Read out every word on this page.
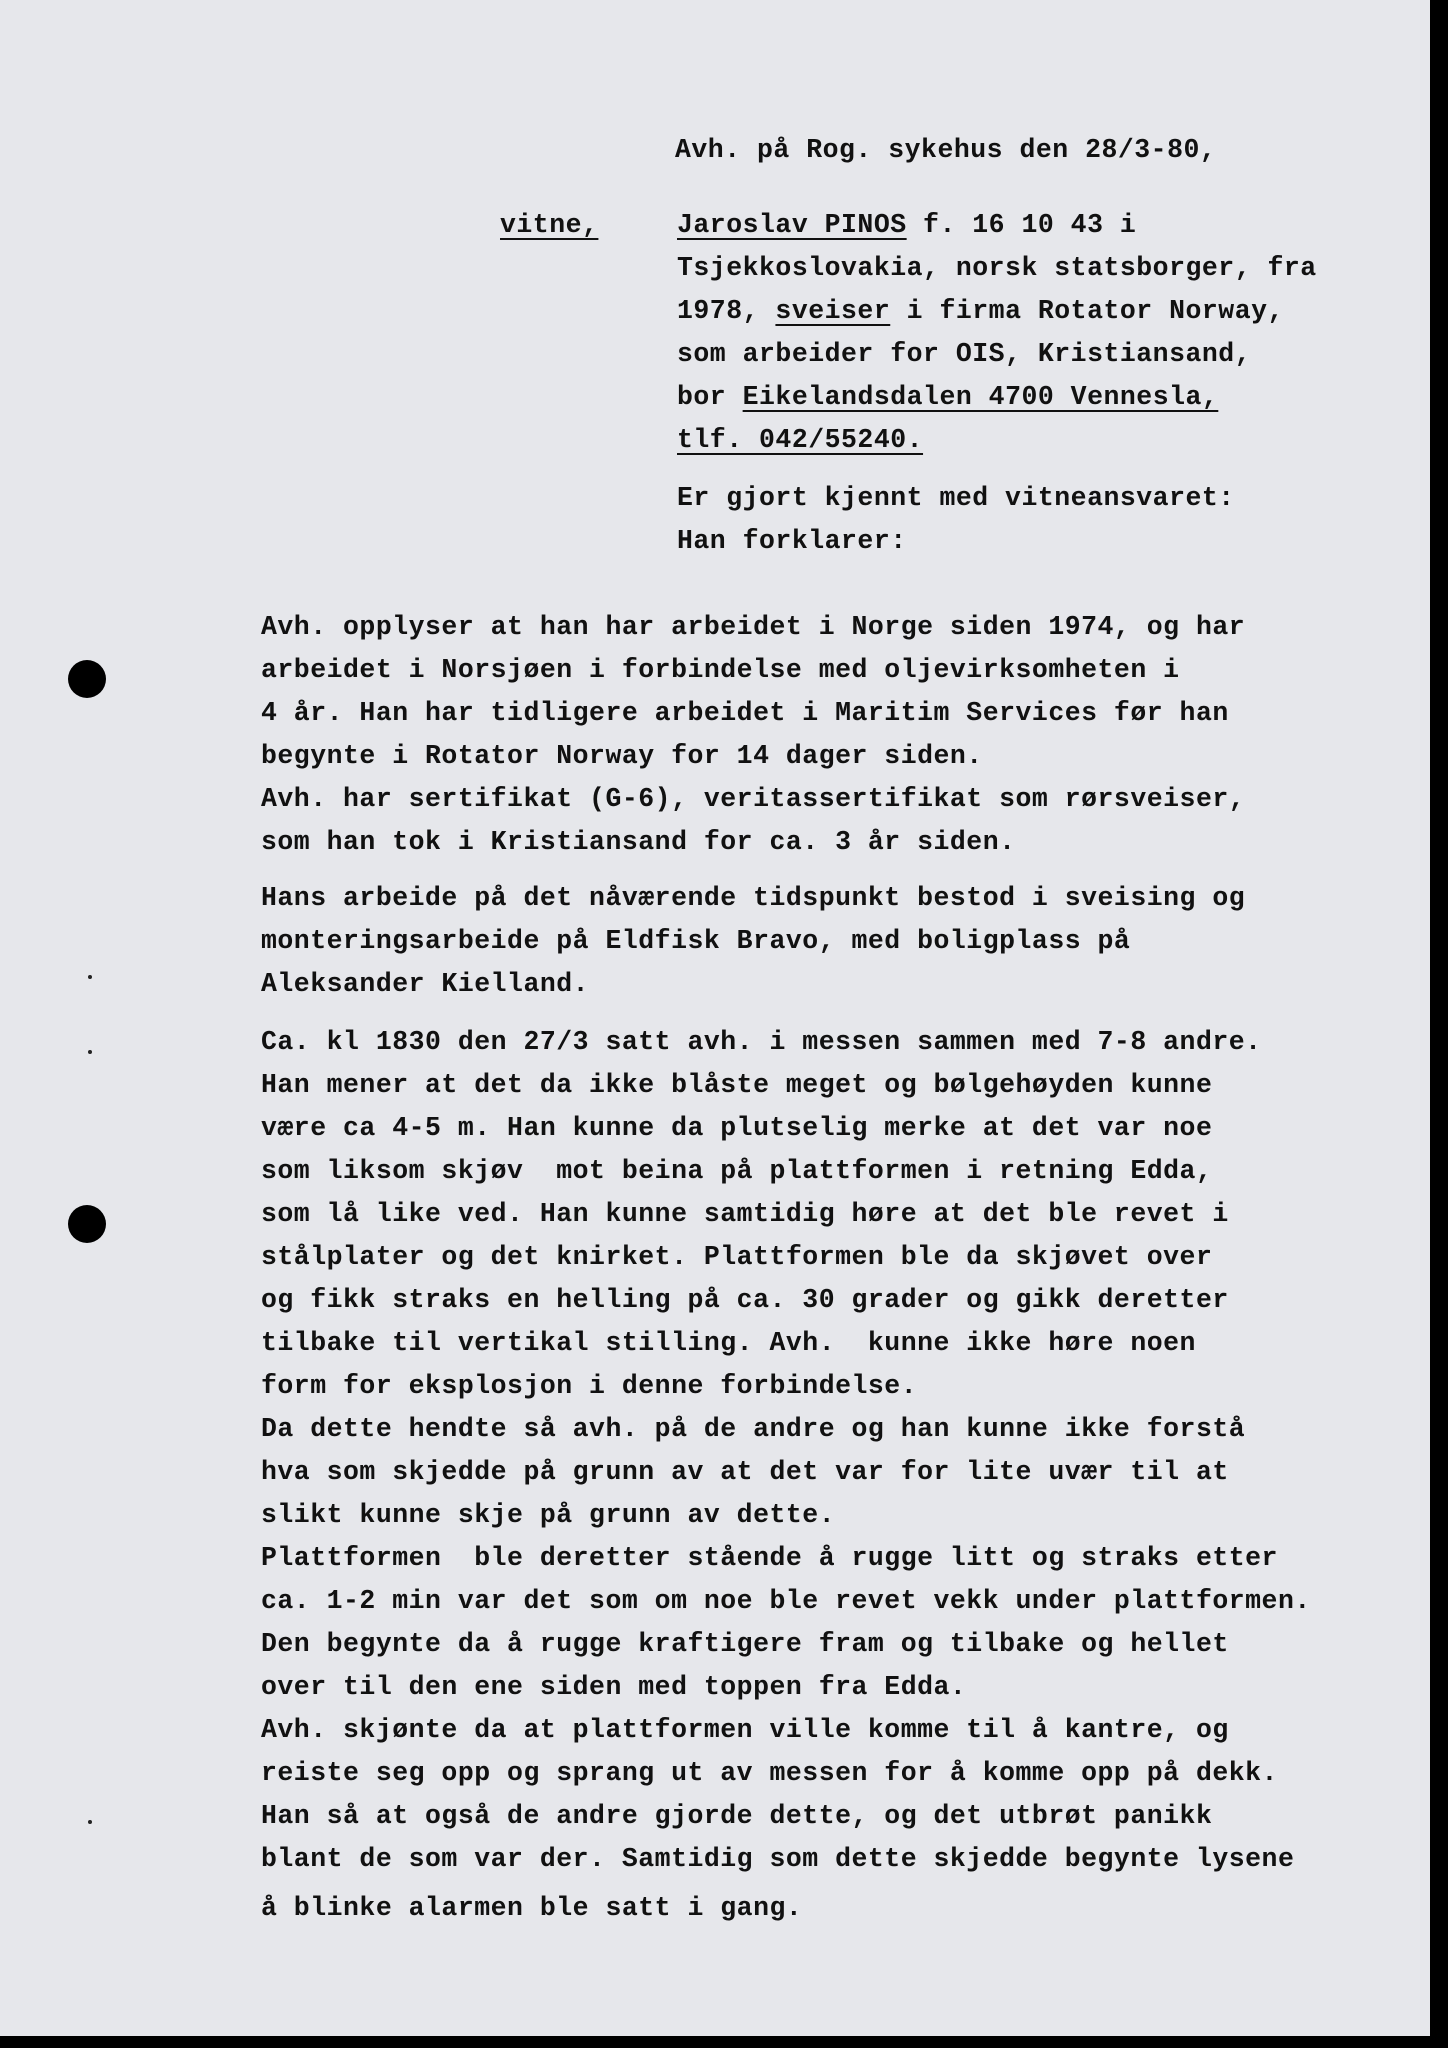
Avh. på Rog. sykehus den 28/3-80,
vitne,	Jaroslav PINOS f. 16 10 43 i
Tsjekkoslovakia, norsk statsborger, fra
1978, sveiser i firma Rotator Norway,
som arbeider for OIS, Kristiansand,
bor Eikelandsdalen 4700 Vennesla,
tlf. 042/55240.
Er gjort kjennt med vitneansvaret:
Han forklarer:
Avh. opplyser at han har arbeidet i Norge siden 1974, og har
arbeidet i Norsjøen i forbindelse med oljevirksomheten i
4 år. Han har tidligere arbeidet i Maritim Services før han
begynte i Rotator Norway for 14 dager siden.
Avh. har sertifikat (G-6), veritassertifikat som rørsveiser,
som han tok i Kristiansand for ca. 3 år siden.
Hans arbeide på det nåværende tidspunkt bestod i sveising og
monteringsarbeide på Eldfisk Bravo, med boligplass på
Aleksander Kielland.
Ca. kl 1830 den 27/3 satt avh. i messen sammen med 7-8 andre.
Han mener at det da ikke blåste meget og bølgehøyden kunne
være ca 4-5 m. Han kunne da plutselig merke at det var noe
som liksom skjøv  mot beina på plattformen i retning Edda,
som lå like ved. Han kunne samtidig høre at det ble revet i
stålplater og det knirket. Plattformen ble da skjøvet over
og fikk straks en helling på ca. 30 grader og gikk deretter
tilbake til vertikal stilling. Avh.  kunne ikke høre noen
form for eksplosjon i denne forbindelse.
Da dette hendte så avh. på de andre og han kunne ikke forstå
hva som skjedde på grunn av at det var for lite uvær til at
slikt kunne skje på grunn av dette.
Plattformen  ble deretter stående å rugge litt og straks etter
ca. 1-2 min var det som om noe ble revet vekk under plattformen.
Den begynte da å rugge kraftigere fram og tilbake og hellet
over til den ene siden med toppen fra Edda.
Avh. skjønte da at plattformen ville komme til å kantre, og
reiste seg opp og sprang ut av messen for å komme opp på dekk.
Han så at også de andre gjorde dette, og det utbrøt panikk
blant de som var der. Samtidig som dette skjedde begynte lysene
å blinke alarmen ble satt i gang.
